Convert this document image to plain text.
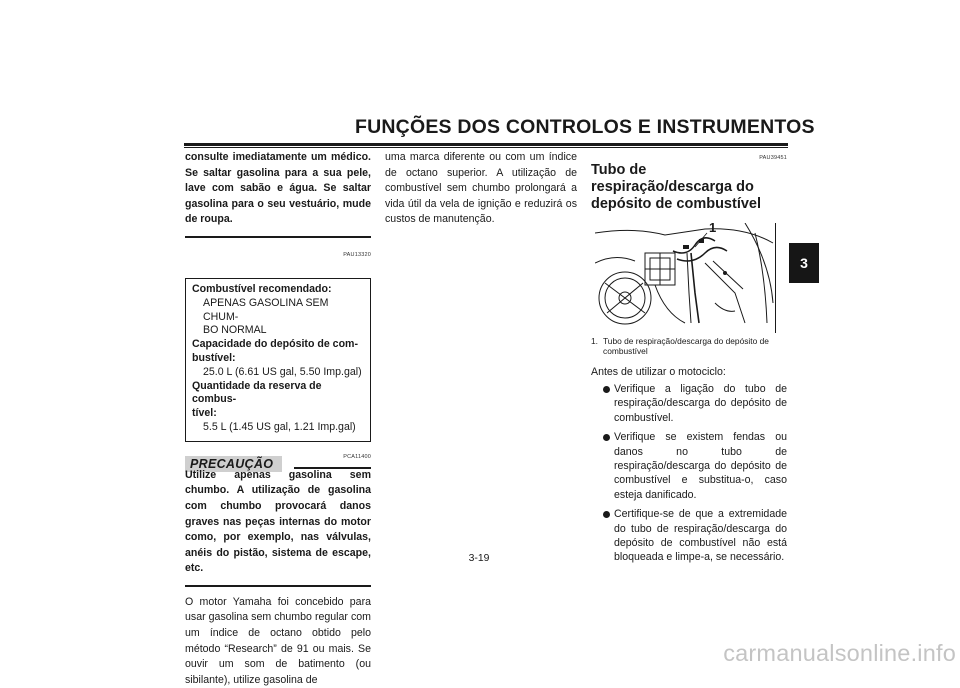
FUNÇÕES DOS CONTROLOS E INSTRUMENTOS
3

consulte imediatamente um médico. Se saltar gasolina para a sua pele, lave com sabão e água. Se saltar gasolina para o seu vestuário, mude de roupa.

PAU13320
Combustível recomendado:
APENAS GASOLINA SEM CHUM-
BO NORMAL
Capacidade do depósito de com-
bustível:
25.0 L (6.61 US gal, 5.50 Imp.gal)
Quantidade da reserva de combus-
tível:
5.5 L (1.45 US gal, 1.21 Imp.gal)
PRECAUÇÃO	PCA11400

Utilize apenas gasolina sem chumbo. A utilização de gasolina com chumbo provocará danos graves nas peças internas do motor como, por exemplo, nas válvulas, anéis do pistão, sistema de escape, etc.

O motor Yamaha foi concebido para usar gasolina sem chumbo regular com um índice de octano obtido pelo método “Research” de 91 ou mais. Se ouvir um som de batimento (ou sibilante), utilize gasolina de

uma marca diferente ou com um índice de octano superior. A utilização de combustível sem chumbo prolongará a vida útil da vela de ignição e reduzirá os custos de manutenção.

PAU39451
Tubo de respiração/descarga do depósito de combustível
1
1. Tubo de respiração/descarga do depósito de
combustível

Antes de utilizar o motociclo:

Verifique a ligação do tubo de respiração/descarga do depósito de combustível.
Verifique se existem fendas ou danos no tubo de respiração/descarga do depósito de combustível e substitua-o, caso esteja danificado.
Certifique-se de que a extremidade do tubo de respiração/descarga do depósito de combustível não está bloqueada e limpe-a, se necessário.
3-19
carmanualsonline.info
